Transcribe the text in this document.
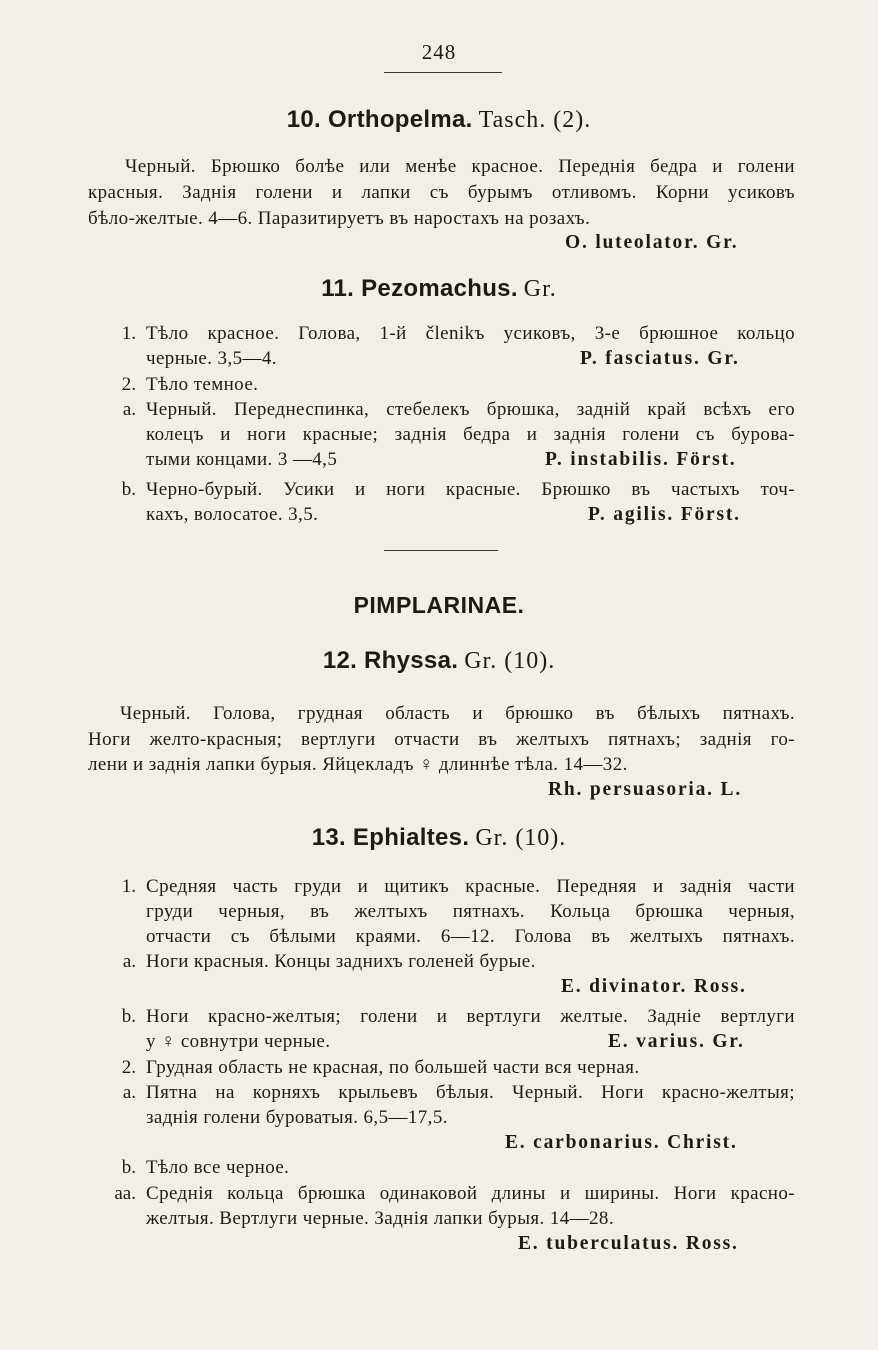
248
10. Orthopelma. Tasch. (2).
Черный. Брюшко болѣе или менѣе красное. Переднія бедра и голени
красныя. Заднія голени и лапки съ бурымъ отливомъ. Корни усиковъ
бѣло-желтые. 4—6. Паразитируетъ въ наростахъ на розахъ.
O. luteolator. Gr.
11. Pezomachus. Gr.
1. Тѣло красное. Голова, 1-й členikъ усиковъ, 3-е брюшное кольцо
черные. 3,5—4.	P. fasciatus. Gr.
2. Тѣло темное.
a. Черный. Переднеспинка, стебелекъ брюшка, задній край всѣхъ его
колецъ и ноги красные; заднія бедра и заднія голени съ бурова-
тыми концами. 3 —4,5	P. instabilis. Först.
b. Черно-бурый. Усики и ноги красные. Брюшко въ частыхъ точ-
кахъ, волосатое. 3,5.	P. agilis. Först.
PIMPLARINAE.
12. Rhyssa. Gr. (10).
Черный. Голова, грудная область и брюшко въ бѣлыхъ пятнахъ.
Ноги желто-красныя; вертлуги отчасти въ желтыхъ пятнахъ; заднія го-
лени и заднія лапки бурыя. Яйцекладъ ♀ длиннѣе тѣла. 14—32.
Rh. persuasoria. L.
13. Ephialtes. Gr. (10).
1. Средняя часть груди и щитикъ красные. Передняя и заднія части
груди черныя, въ желтыхъ пятнахъ. Кольца брюшка черныя,
отчасти съ бѣлыми краями. 6—12. Голова въ желтыхъ пятнахъ.
a. Ноги красныя. Концы заднихъ голеней бурые.
E. divinator. Ross.
b. Ноги красно-желтыя; голени и вертлуги желтые. Задніе вертлуги
у ♀ совнутри черные.	E. varius. Gr.
2. Грудная область не красная, по большей части вся черная.
a. Пятна на корняхъ крыльевъ бѣлыя. Черный. Ноги красно-желтыя;
заднія голени буроватыя. 6,5—17,5.
E. carbonarius. Christ.
b. Тѣло все черное.
aa. Среднія кольца брюшка одинаковой длины и ширины. Ноги красно-
желтыя. Вертлуги черные. Заднія лапки бурыя. 14—28.
E. tuberculatus. Ross.
